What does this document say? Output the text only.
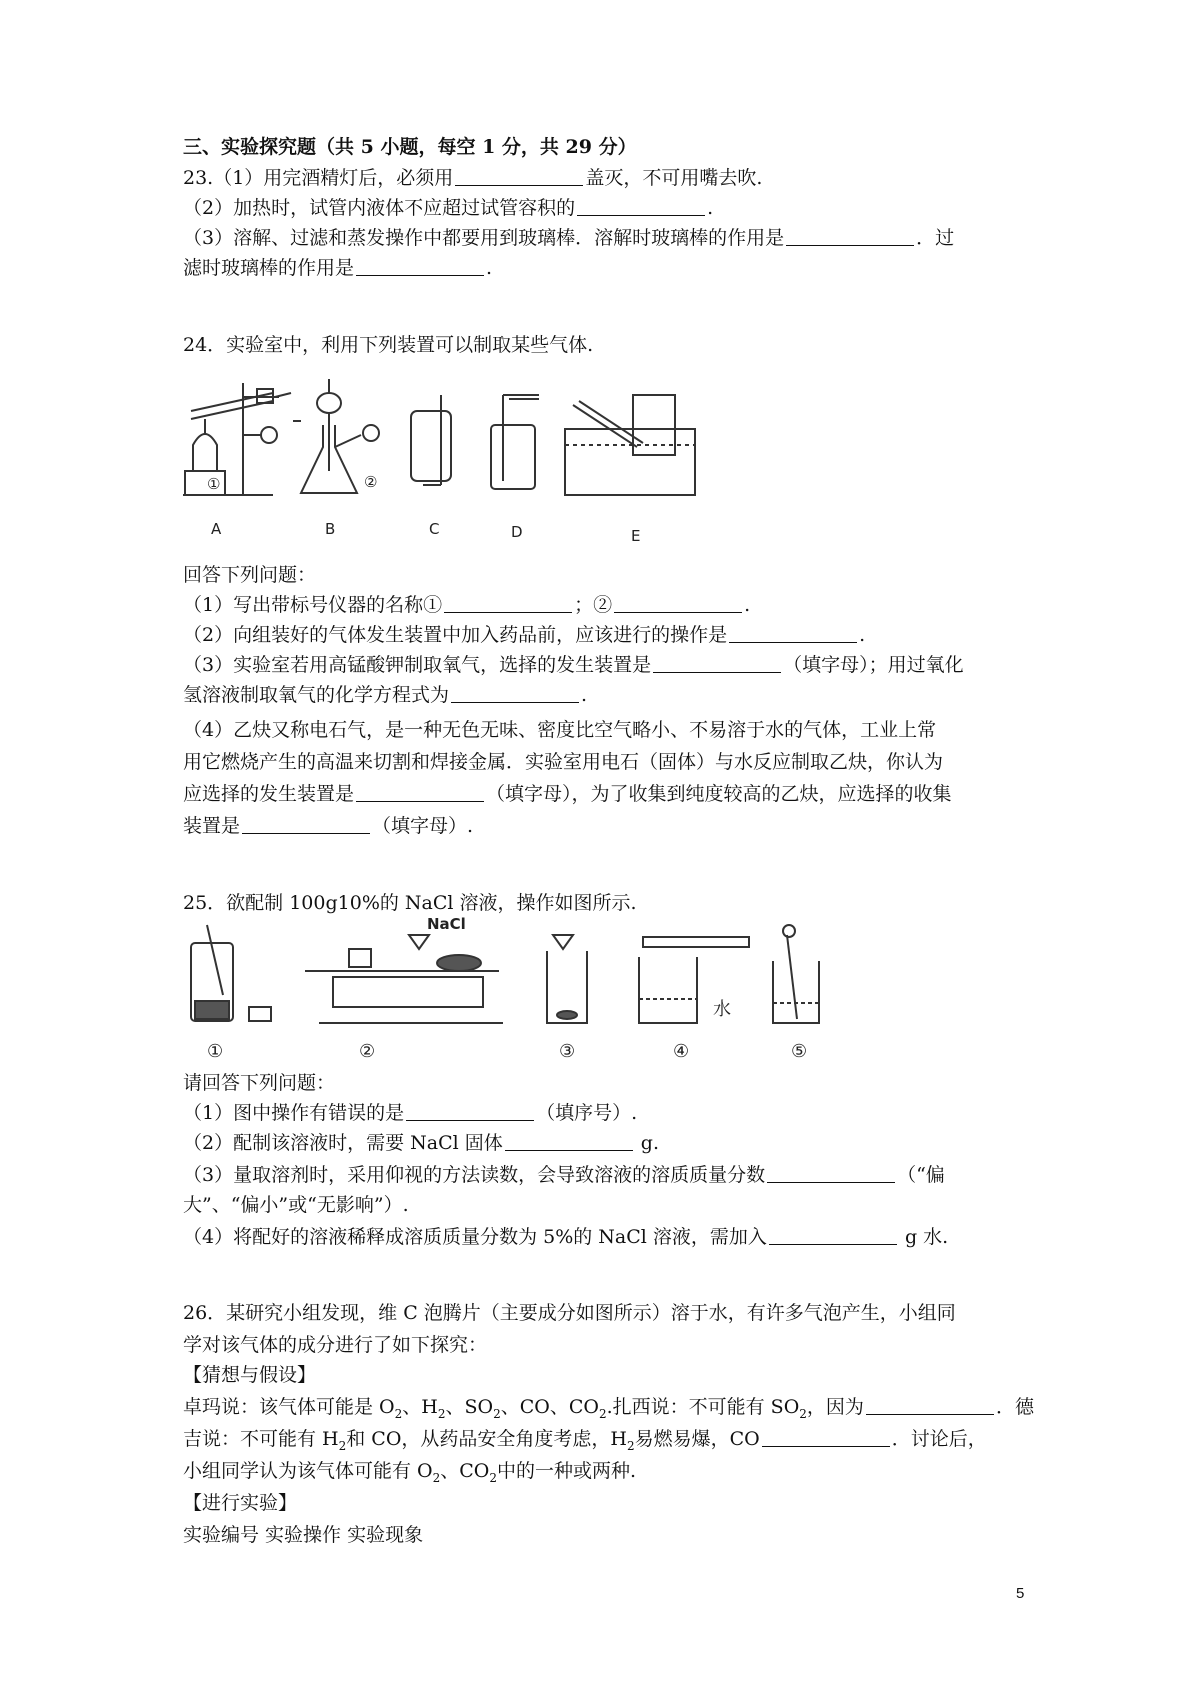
三、实验探究题（共 5 小题，每空 1 分，共 29 分）
23.（1）用完酒精灯后，必须用	盖灭，不可用嘴去吹.
（2）加热时，试管内液体不应超过试管容积的	.
（3）溶解、过滤和蒸发操作中都要用到玻璃棒．溶解时玻璃棒的作用是	．过
滤时玻璃棒的作用是	.
24．实验室中，利用下列装置可以制取某些气体.
①	②
A	B	C	D	E
回答下列问题：
（1）写出带标号仪器的名称①	；②	.
（2）向组装好的气体发生装置中加入药品前，应该进行的操作是	.
（3）实验室若用高锰酸钾制取氧气，选择的发生装置是	（填字母）；用过氧化
氢溶液制取氧气的化学方程式为	.
（4）乙炔又称电石气，是一种无色无味、密度比空气略小、不易溶于水的气体，工业上常
用它燃烧产生的高温来切割和焊接金属．实验室用电石（固体）与水反应制取乙炔，你认为
应选择的发生装置是	（填字母），为了收集到纯度较高的乙炔，应选择的收集
装置是	（填字母）.
25．欲配制 100g10%的 NaCl 溶液，操作如图所示.
NaCl
水
①	②	③	④	⑤
请回答下列问题：
（1）图中操作有错误的是	（填序号）.
（2）配制该溶液时，需要 NaCl 固体	g.
（3）量取溶剂时，采用仰视的方法读数，会导致溶液的溶质质量分数	（“偏
大”、“偏小”或“无影响”）.
（4）将配好的溶液稀释成溶质质量分数为 5%的 NaCl 溶液，需加入	g 水.
26．某研究小组发现，维 C 泡腾片（主要成分如图所示）溶于水，有许多气泡产生，小组同
学对该气体的成分进行了如下探究：
【猜想与假设】
卓玛说：该气体可能是 $O_2$、$H_2$、$SO_2$、CO、$CO_2$.扎西说：不可能有 $SO_2$，因为	．德
吉说：不可能有 $H_2$和 CO，从药品安全角度考虑，$H_2$易燃易爆，CO	．讨论后，
小组同学认为该气体可能有 $O_2$、$CO_2$中的一种或两种.
【进行实验】
实验编号 实验操作 实验现象
5
